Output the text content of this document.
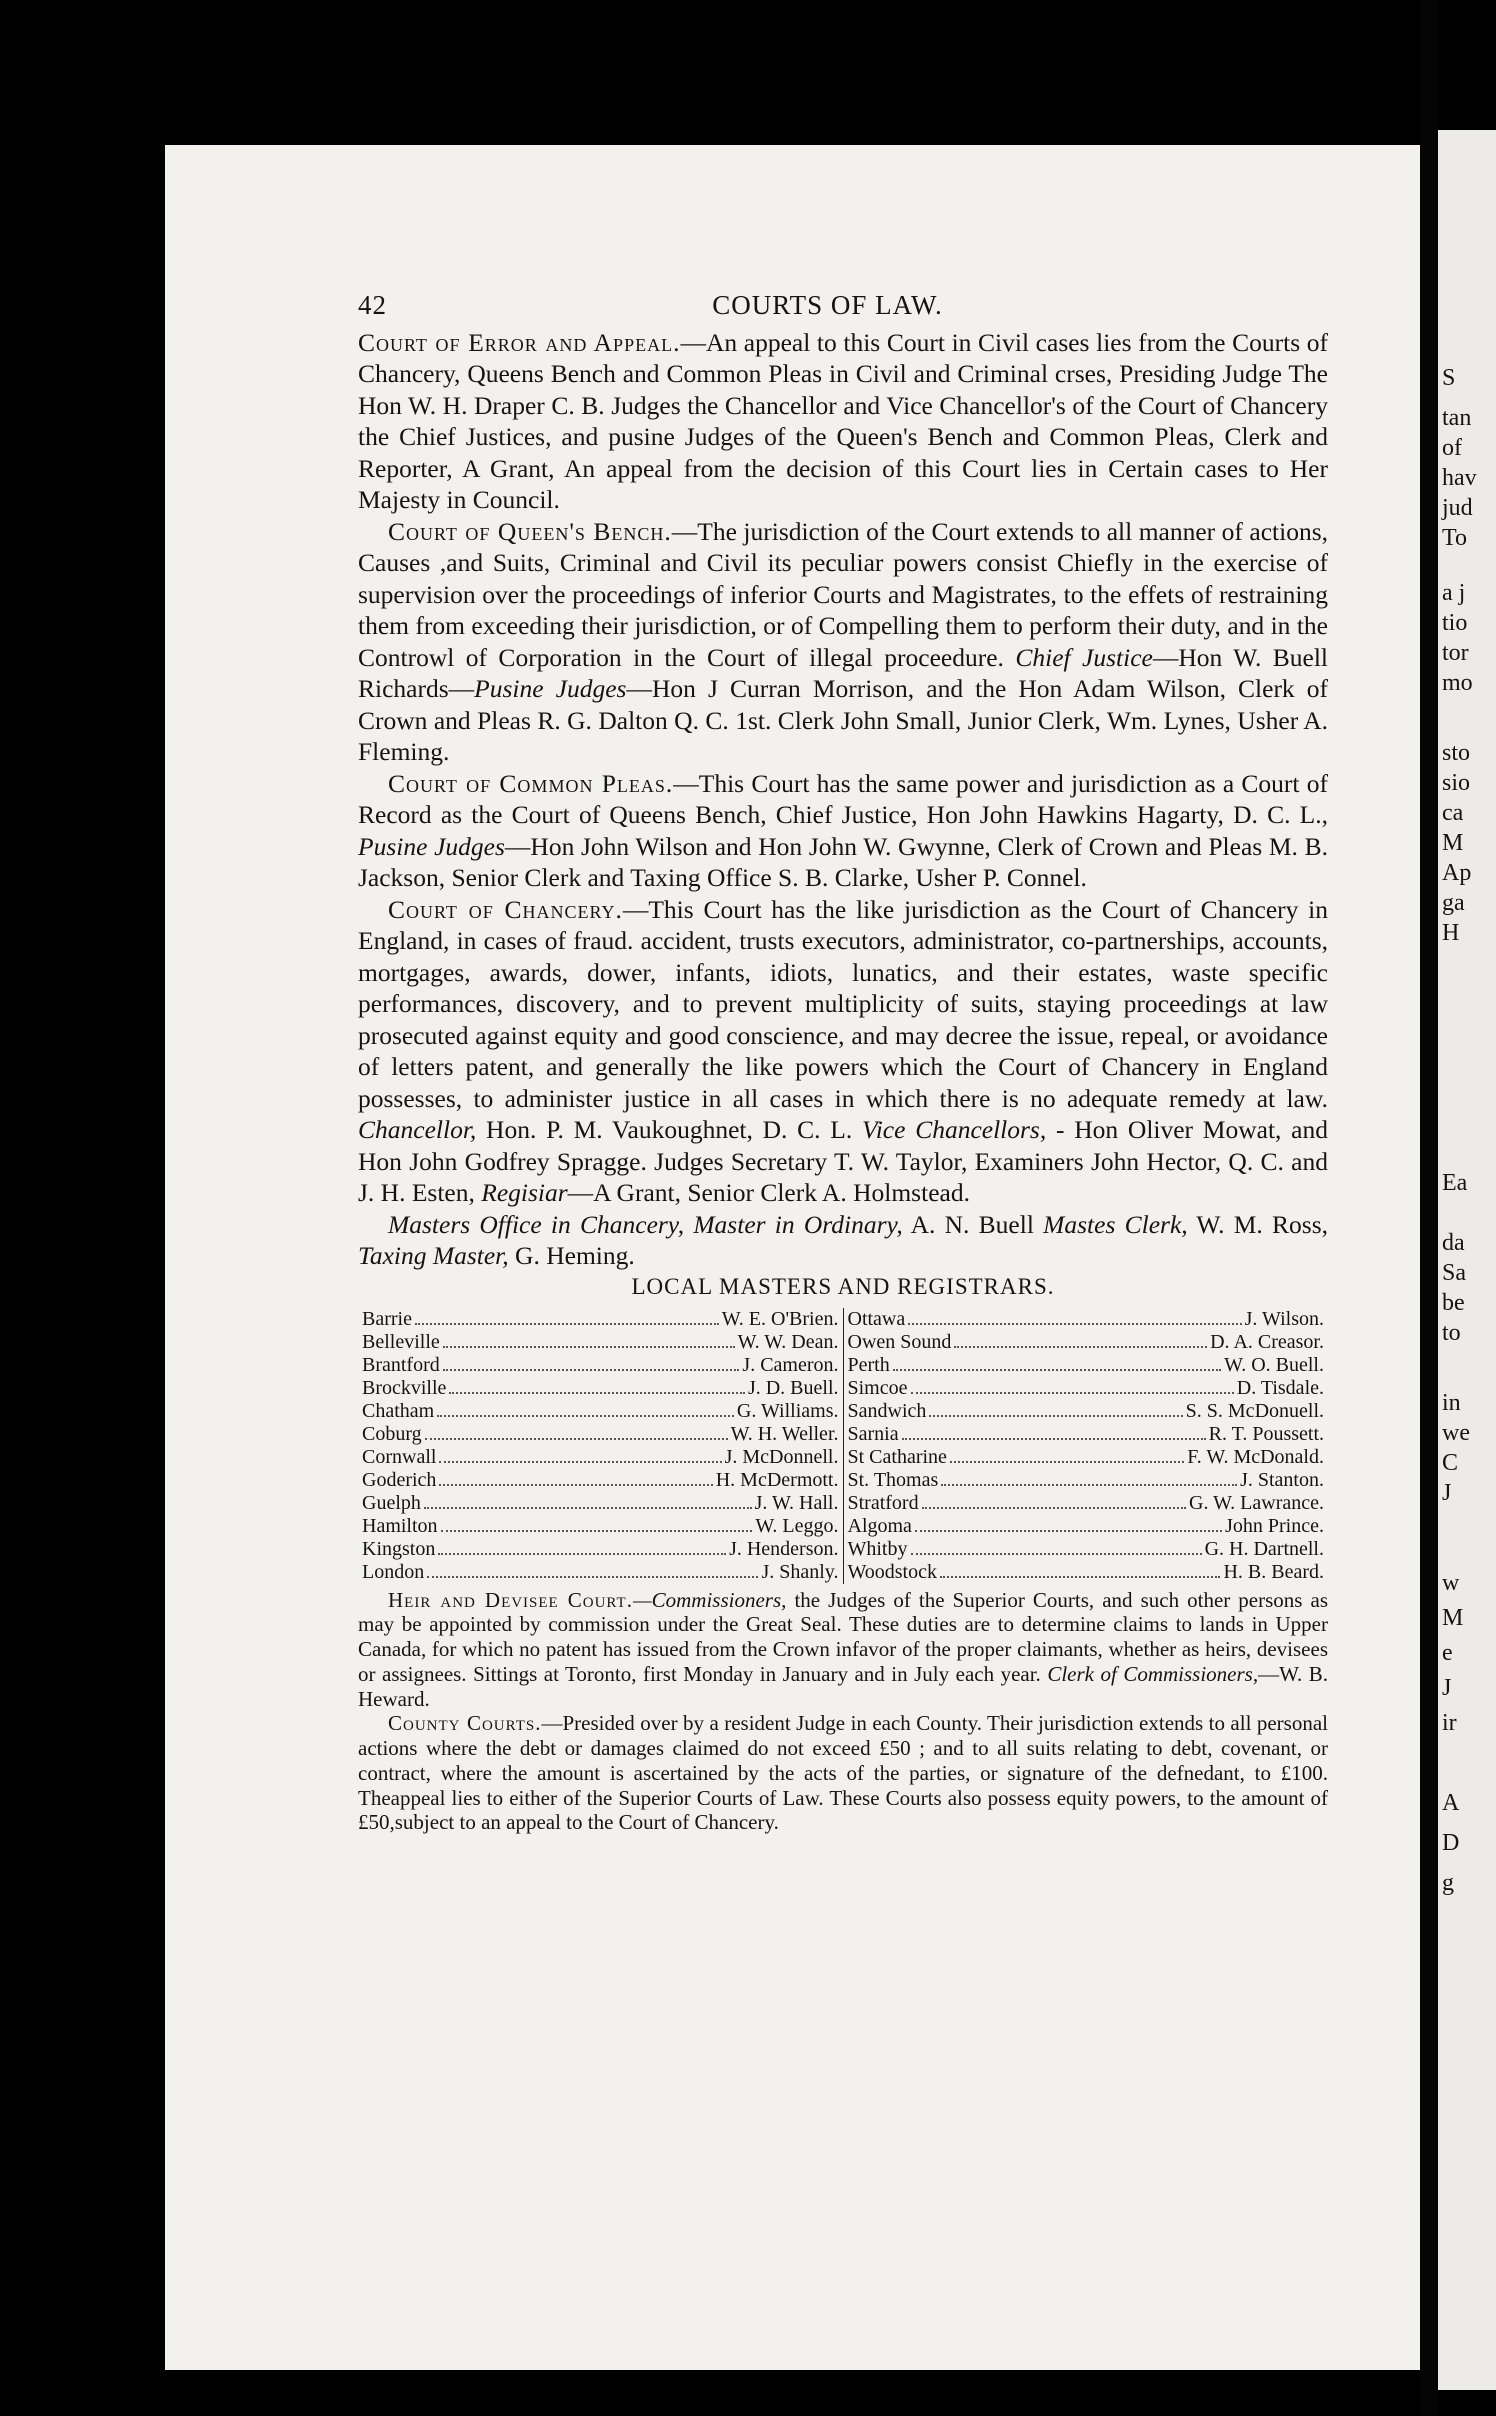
S
tan
of
hav
jud
To
a j
tio
tor
mo
sto
sio
ca
M
Ap
ga
H
Ea
da
Sa
be
to
in
we
C
J
w
M
e
J
ir
A
D
g
42	COURTS OF LAW.

Court of Error and Appeal.—An appeal to this Court in Civil cases lies from the Courts of Chancery, Queens Bench and Common Pleas in Civil and Criminal crses, Presiding Judge The Hon W. H. Draper C. B. Judges the Chancellor and Vice Chancellor's of the Court of Chancery the Chief Justices, and pusine Judges of the Queen's Bench and Common Pleas, Clerk and Reporter, A Grant, An appeal from the decision of this Court lies in Certain cases to Her Majesty in Council.

Court of Queen's Bench.—The jurisdiction of the Court extends to all manner of actions, Causes ,and Suits, Criminal and Civil its peculiar powers consist Chiefly in the exercise of supervision over the proceedings of inferior Courts and Magistrates, to the effets of restraining them from exceeding their jurisdiction, or of Compelling them to perform their duty, and in the Controwl of Corporation in the Court of illegal proceedure. Chief Justice—Hon W. Buell Richards—Pusine Judges—Hon J Curran Morrison, and the Hon Adam Wilson, Clerk of Crown and Pleas R. G. Dalton Q. C. 1st. Clerk John Small, Junior Clerk, Wm. Lynes, Usher A. Fleming.

Court of Common Pleas.—This Court has the same power and jurisdiction as a Court of Record as the Court of Queens Bench, Chief Justice, Hon John Hawkins Hagarty, D. C. L., Pusine Judges—Hon John Wilson and Hon John W. Gwynne, Clerk of Crown and Pleas M. B. Jackson, Senior Clerk and Taxing Office S. B. Clarke, Usher P. Connel.

Court of Chancery.—This Court has the like jurisdiction as the Court of Chancery in England, in cases of fraud. accident, trusts executors, administrator, co-partnerships, accounts, mortgages, awards, dower, infants, idiots, lunatics, and their estates, waste specific performances, discovery, and to prevent multiplicity of suits, staying proceedings at law prosecuted against equity and good conscience, and may decree the issue, repeal, or avoidance of letters patent, and generally the like powers which the Court of Chancery in England possesses, to administer justice in all cases in which there is no adequate remedy at law. Chancellor, Hon. P. M. Vaukoughnet, D. C. L. Vice Chancellors, - Hon Oliver Mowat, and Hon John Godfrey Spragge. Judges Secretary T. W. Taylor, Examiners John Hector, Q. C. and J. H. Esten, Regisiar—A Grant, Senior Clerk A. Holmstead.

Masters Office in Chancery, Master in Ordinary, A. N. Buell Mastes Clerk, W. M. Ross, Taxing Master, G. Heming.

LOCAL MASTERS AND REGISTRARS.
Barrie W. E. O'Brien.	Ottawa J. Wilson.

Belleville W. W. Dean.	Owen Sound D. A. Creasor.

Brantford J. Cameron.	Perth W. O. Buell.

Brockville J. D. Buell.	Simcoe D. Tisdale.

Chatham G. Williams.	Sandwich S. S. McDonuell.

Coburg W. H. Weller.	Sarnia R. T. Poussett.

Cornwall J. McDonnell.	St Catharine F. W. McDonald.

Goderich H. McDermott.	St. Thomas J. Stanton.

Guelph J. W. Hall.	Stratford G. W. Lawrance.

Hamilton W. Leggo.	Algoma John Prince.

Kingston J. Henderson.	Whitby G. H. Dartnell.

London J. Shanly.	Woodstock H. B. Beard.

Heir and Devisee Court.—Commissioners, the Judges of the Superior Courts, and such other persons as may be appointed by commission under the Great Seal. These duties are to determine claims to lands in Upper Canada, for which no patent has issued from the Crown infavor of the proper claimants, whether as heirs, devisees or assignees. Sittings at Toronto, first Monday in January and in July each year. Clerk of Commissioners,—W. B. Heward.

County Courts.—Presided over by a resident Judge in each County. Their jurisdiction extends to all personal actions where the debt or damages claimed do not exceed £50 ; and to all suits relating to debt, covenant, or contract, where the amount is ascertained by the acts of the parties, or signature of the defnedant, to £100. Theappeal lies to either of the Superior Courts of Law. These Courts also possess equity powers, to the amount of £50,subject to an appeal to the Court of Chancery.
